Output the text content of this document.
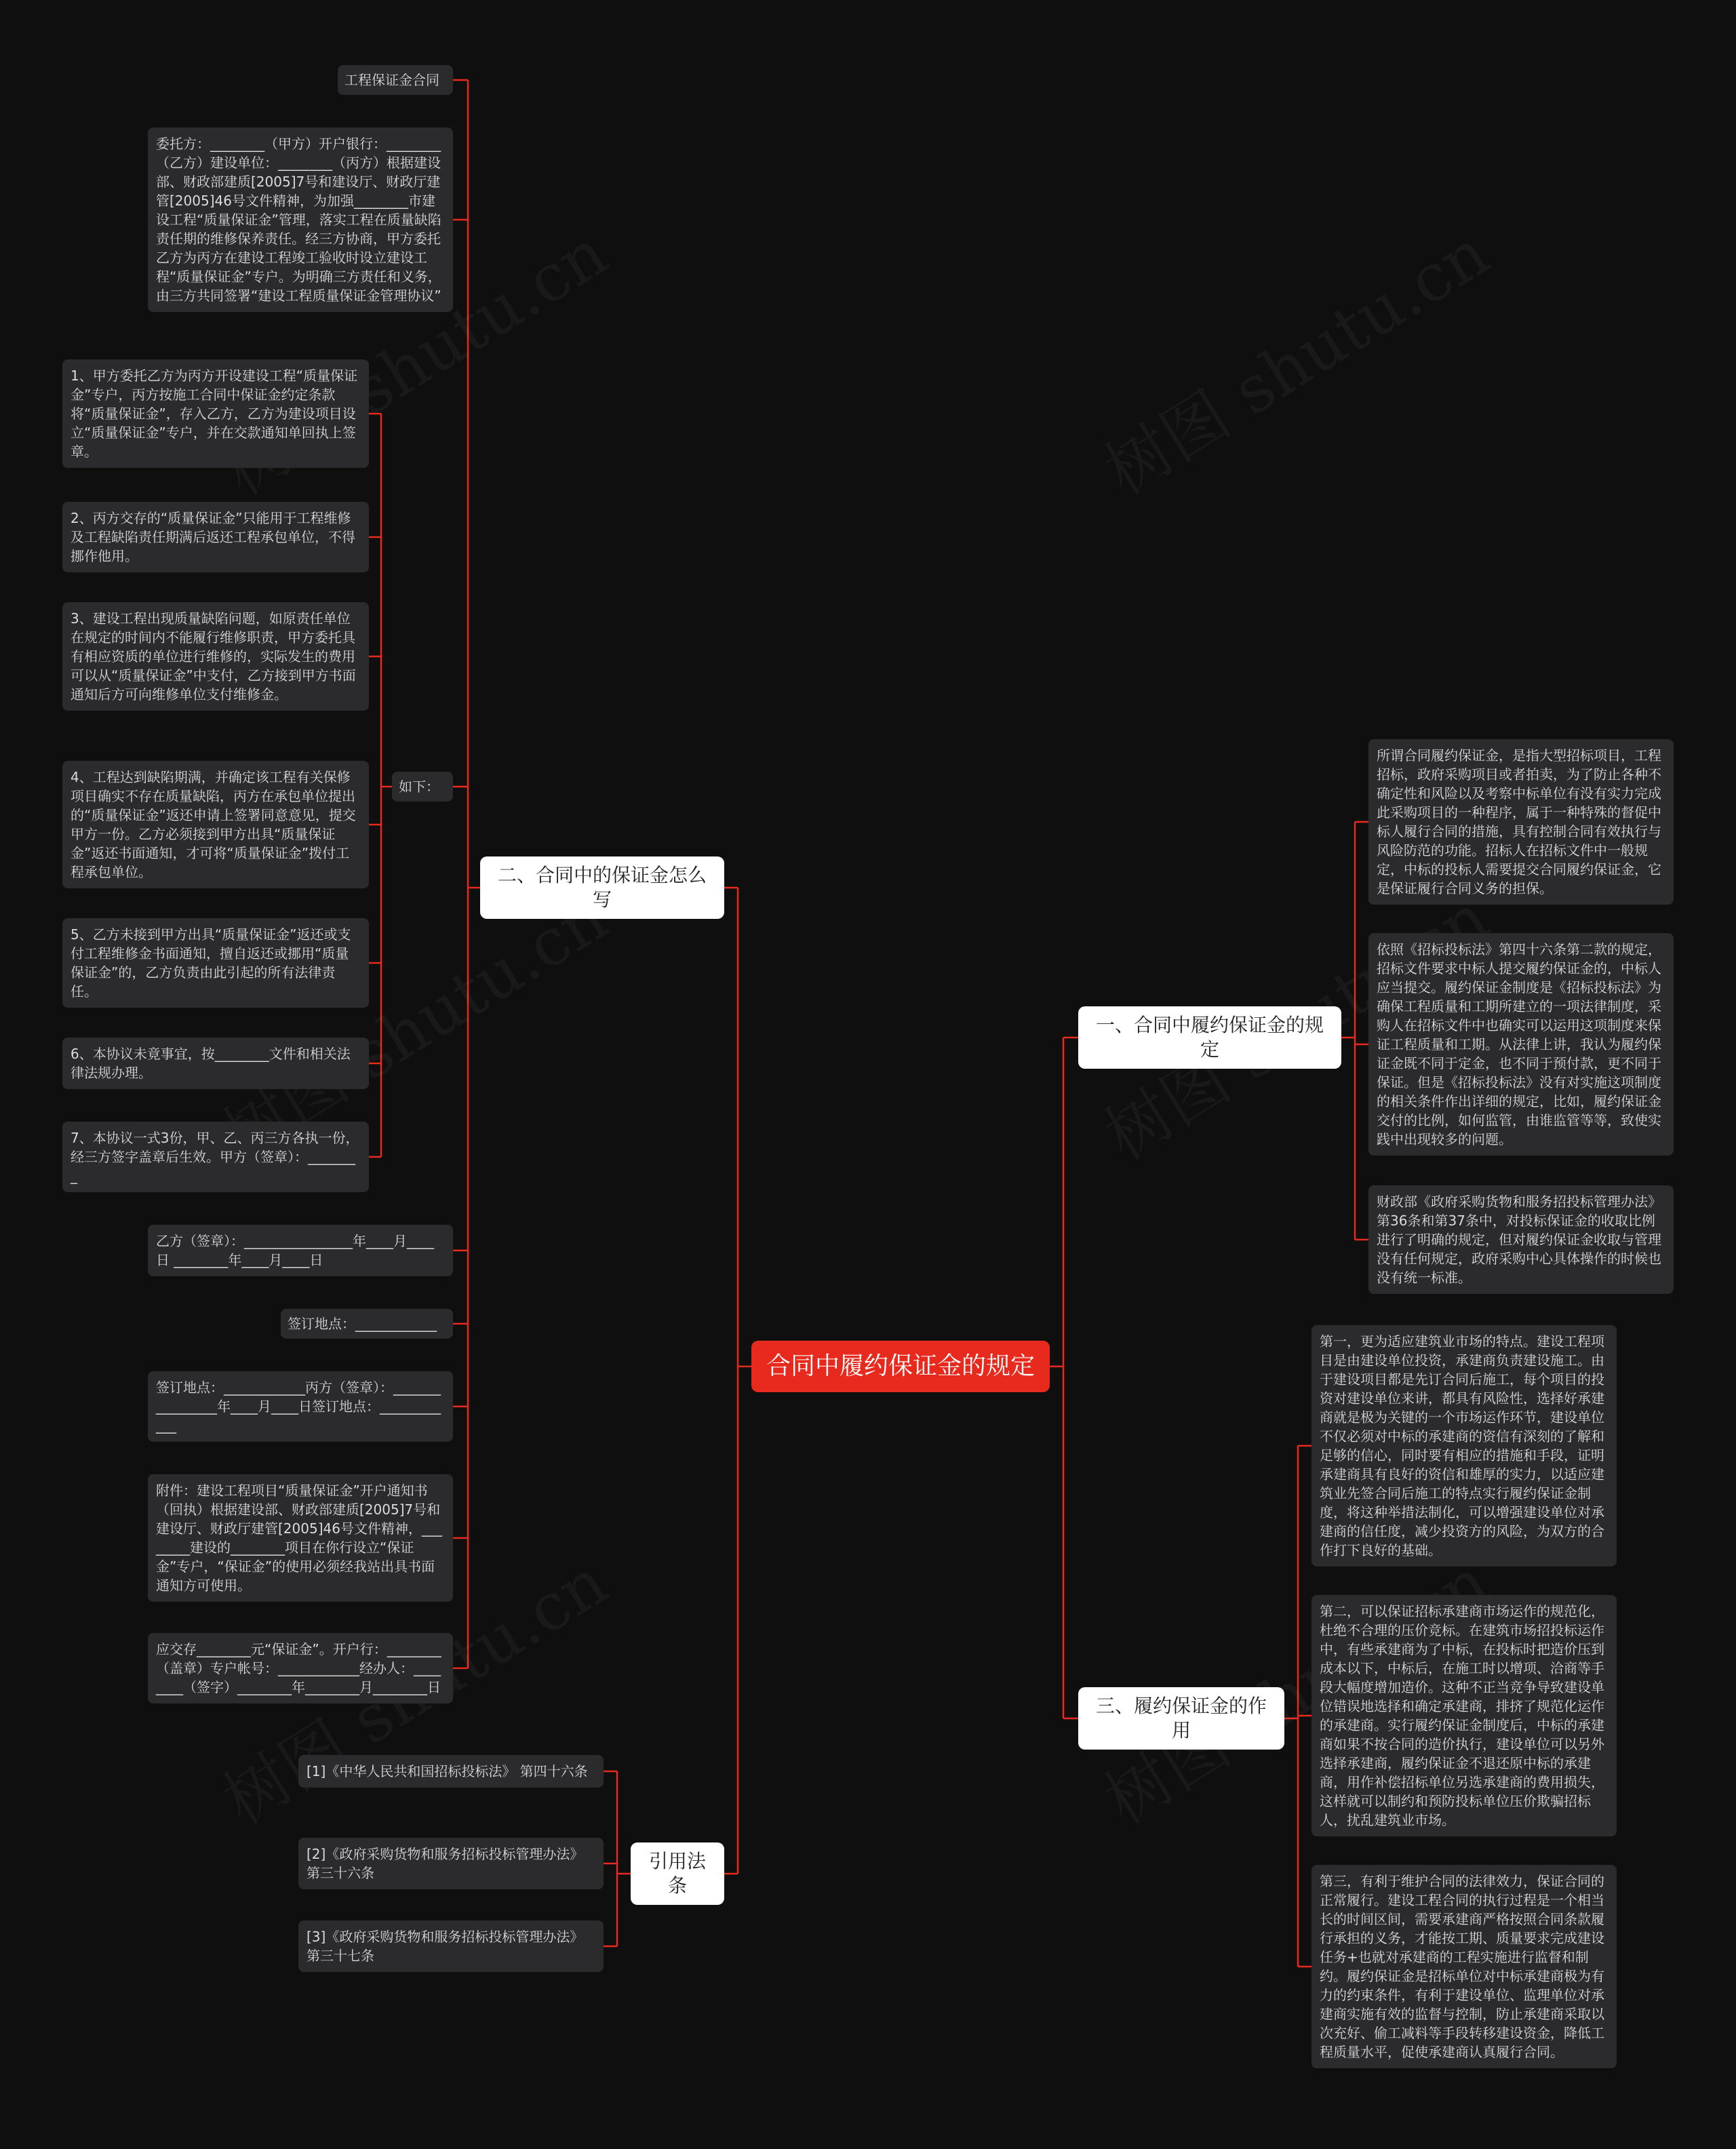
合同中履约保证金的规定
二、合同中的保证金怎么写
引用法条
一、合同中履约保证金的规定
三、履约保证金的作用
工程保证金合同
委托方：________（甲方）开户银行：________（乙方）建设单位：________（丙方）根据建设部、财政部建质[2005]7号和建设厅、财政厅建管[2005]46号文件精神，为加强________市建设工程“质量保证金”管理，落实工程在质量缺陷责任期的维修保养责任。经三方协商，甲方委托乙方为丙方在建设工程竣工验收时设立建设工程“质量保证金”专户。为明确三方责任和义务，由三方共同签署“建设工程质量保证金管理协议”
如下：
1、甲方委托乙方为丙方开设建设工程“质量保证金”专户，丙方按施工合同中保证金约定条款将“质量保证金”，存入乙方，乙方为建设项目设立“质量保证金”专户，并在交款通知单回执上签章。
2、丙方交存的“质量保证金”只能用于工程维修及工程缺陷责任期满后返还工程承包单位，不得挪作他用。
3、建设工程出现质量缺陷问题，如原责任单位在规定的时间内不能履行维修职责，甲方委托具有相应资质的单位进行维修的，实际发生的费用可以从“质量保证金”中支付，乙方接到甲方书面通知后方可向维修单位支付维修金。
4、工程达到缺陷期满，并确定该工程有关保修项目确实不存在质量缺陷，丙方在承包单位提出的“质量保证金”返还申请上签署同意意见，提交甲方一份。乙方必须接到甲方出具“质量保证金”返还书面通知，才可将“质量保证金”拨付工程承包单位。
5、乙方未接到甲方出具“质量保证金”返还或支付工程维修金书面通知，擅自返还或挪用“质量保证金”的，乙方负责由此引起的所有法律责任。
6、本协议未竟事宜，按________文件和相关法律法规办理。
7、本协议一式3份，甲、乙、丙三方各执一份，经三方签字盖章后生效。甲方（签章）：________
乙方（签章）：________________年____月____日 ________年____月____日
签订地点：____________
签订地点：____________丙方（签章）：________________年____月____日签订地点：____________
附件：建设工程项目“质量保证金”开户通知书（回执）根据建设部、财政部建质[2005]7号和建设厅、财政厅建管[2005]46号文件精神，________建设的________项目在你行设立“保证金”专户，“保证金”的使用必须经我站出具书面通知方可使用。
应交存________元“保证金”。开户行：________（盖章）专户帐号：____________经办人：________（签字）________年________月________日
[1]《中华人民共和国招标投标法》 第四十六条
[2]《政府采购货物和服务招标投标管理办法》 第三十六条
[3]《政府采购货物和服务招标投标管理办法》 第三十七条
所谓合同履约保证金，是指大型招标项目，工程招标，政府采购项目或者拍卖，为了防止各种不确定性和风险以及考察中标单位有没有实力完成此采购项目的一种程序，属于一种特殊的督促中标人履行合同的措施，具有控制合同有效执行与风险防范的功能。招标人在招标文件中一般规定，中标的投标人需要提交合同履约保证金，它是保证履行合同义务的担保。
依照《招标投标法》第四十六条第二款的规定，招标文件要求中标人提交履约保证金的，中标人应当提交。履约保证金制度是《招标投标法》为确保工程质量和工期所建立的一项法律制度，采购人在招标文件中也确实可以运用这项制度来保证工程质量和工期。从法律上讲，我认为履约保证金既不同于定金，也不同于预付款，更不同于保证。但是《招标投标法》没有对实施这项制度的相关条件作出详细的规定，比如，履约保证金交付的比例，如何监管，由谁监管等等，致使实践中出现较多的问题。
财政部《政府采购货物和服务招投标管理办法》第36条和第37条中，对投标保证金的收取比例进行了明确的规定，但对履约保证金收取与管理没有任何规定，政府采购中心具体操作的时候也没有统一标准。
第一，更为适应建筑业市场的特点。建设工程项目是由建设单位投资，承建商负责建设施工。由于建设项目都是先订合同后施工，每个项目的投资对建设单位来讲，都具有风险性，选择好承建商就是极为关键的一个市场运作环节，建设单位不仅必须对中标的承建商的资信有深刻的了解和足够的信心，同时要有相应的措施和手段，证明承建商具有良好的资信和雄厚的实力，以适应建筑业先签合同后施工的特点实行履约保证金制度，将这种举措法制化，可以增强建设单位对承建商的信任度，减少投资方的风险，为双方的合作打下良好的基础。
第二，可以保证招标承建商市场运作的规范化，杜绝不合理的压价竞标。在建筑市场招投标运作中，有些承建商为了中标，在投标时把造价压到成本以下，中标后，在施工时以增项、洽商等手段大幅度增加造价。这种不正当竞争导致建设单位错误地选择和确定承建商，排挤了规范化运作的承建商。实行履约保证金制度后，中标的承建商如果不按合同的造价执行，建设单位可以另外选择承建商，履约保证金不退还原中标的承建商，用作补偿招标单位另选承建商的费用损失，这样就可以制约和预防投标单位压价欺骗招标人，扰乱建筑业市场。
第三，有利于维护合同的法律效力，保证合同的正常履行。建设工程合同的执行过程是一个相当长的时间区间，需要承建商严格按照合同条款履行承担的义务，才能按工期、质量要求完成建设任务+也就对承建商的工程实施进行监督和制约。履约保证金是招标单位对中标承建商极为有力的约束条件，有利于建设单位、监理单位对承建商实施有效的监督与控制，防止承建商采取以次充好、偷工减料等手段转移建设资金，降低工程质量水平，促使承建商认真履行合同。
